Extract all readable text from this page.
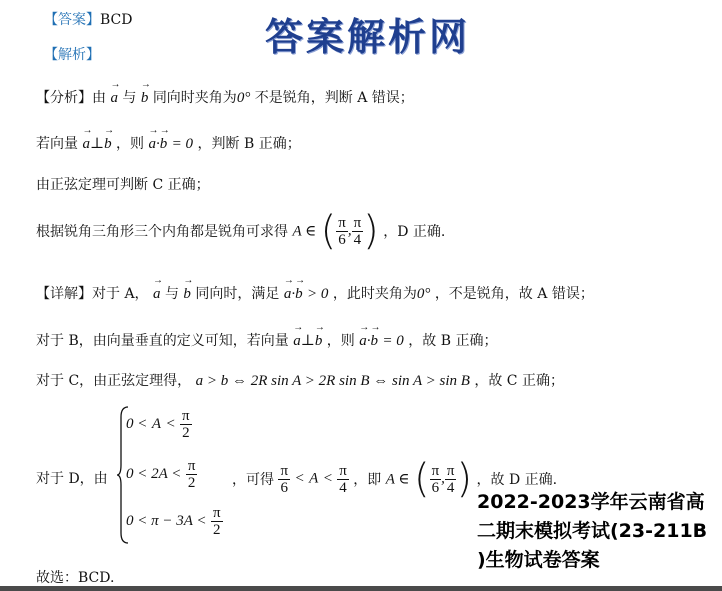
【答案】BCD	答案解析网
【解析】
【分析】由 → a 与 → b 同向时夹角为0° 不是锐角，判断 A 错误；
若向量 → a⊥→ b ，则 → a·→ b = 0 ，判断 B 正确；
由正弦定理可判断 C 正确；
根据锐角三角形三个内角都是锐角可求得 A ∈ ( $\frac{\pi}{6}$ , $\frac{\pi}{4}$ ) ，D 正确.
【详解】对于 A， → a 与 → b 同向时，满足 → a·→ b > 0 ，此时夹角为0° ，不是锐角，故 A 错误；
对于 B，由向量垂直的定义可知，若向量 → a⊥→ b ，则 → a·→ b = 0 ，故 B 正确；
对于 C，由正弦定理得， a > b ⇔ 2R sin A > 2R sin B ⇔ sin A > sin B ，故 C 正确；
对于 D，由
$0 < A < \frac{\pi}{2}$
$0 < 2A < \frac{\pi}{2}$
$0 < \pi - 3A < \frac{\pi}{2}$
，可得 $\frac{\pi}{6} < A < \frac{\pi}{4}$ ，即 A ∈ ( $\frac{\pi}{6}$ , $\frac{\pi}{4}$ ) ，故 D 正确.
故选：BCD.
2022-2023学年云南省高
二期末模拟考试(23-211B
)生物试卷答案
